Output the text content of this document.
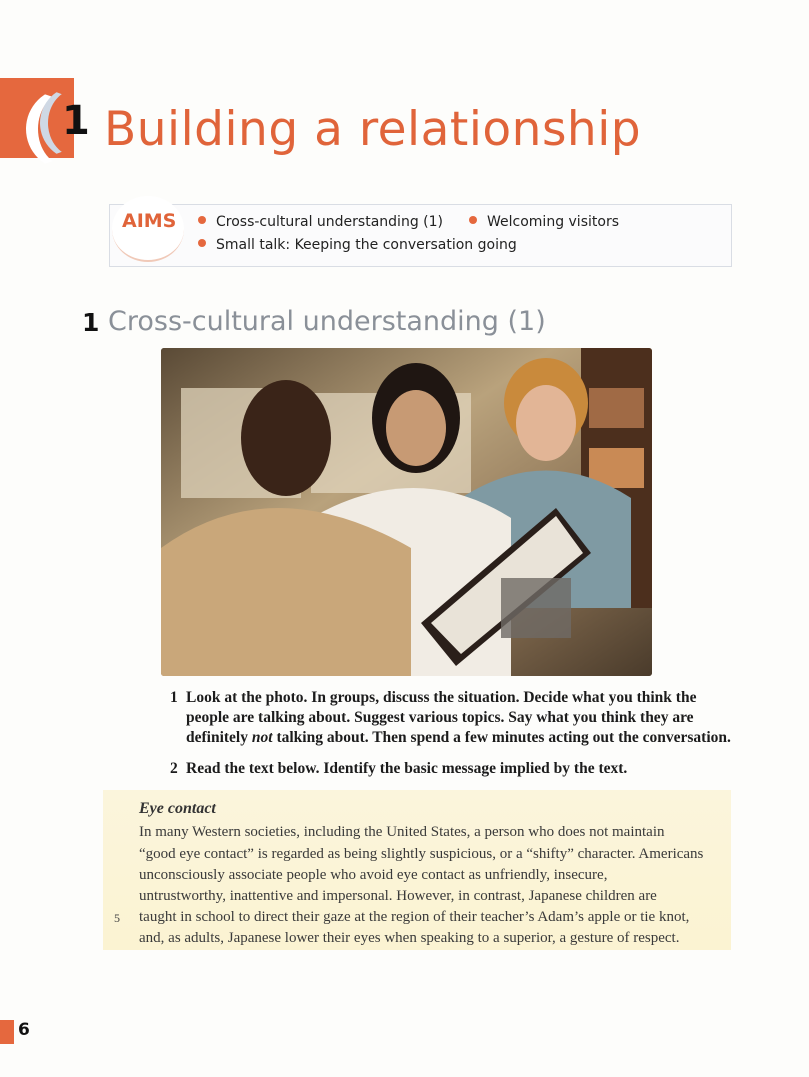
1 Building a relationship
AIMS	Cross-cultural understanding (1)	Welcoming visitors
Small talk: Keeping the conversation going
1 Cross-cultural understanding (1)
1 Look at the photo. In groups, discuss the situation. Decide what you think the
people are talking about. Suggest various topics. Say what you think they are
definitely not talking about. Then spend a few minutes acting out the conversation.
2 Read the text below. Identify the basic message implied by the text.
Eye contact
In many Western societies, including the United States, a person who does not maintain
“good eye contact” is regarded as being slightly suspicious, or a “shifty” character. Americans
unconsciously associate people who avoid eye contact as unfriendly, insecure,
untrustworthy, inattentive and impersonal. However, in contrast, Japanese children are
5 taught in school to direct their gaze at the region of their teacher’s Adam’s apple or tie knot,
and, as adults, Japanese lower their eyes when speaking to a superior, a gesture of respect.
6
